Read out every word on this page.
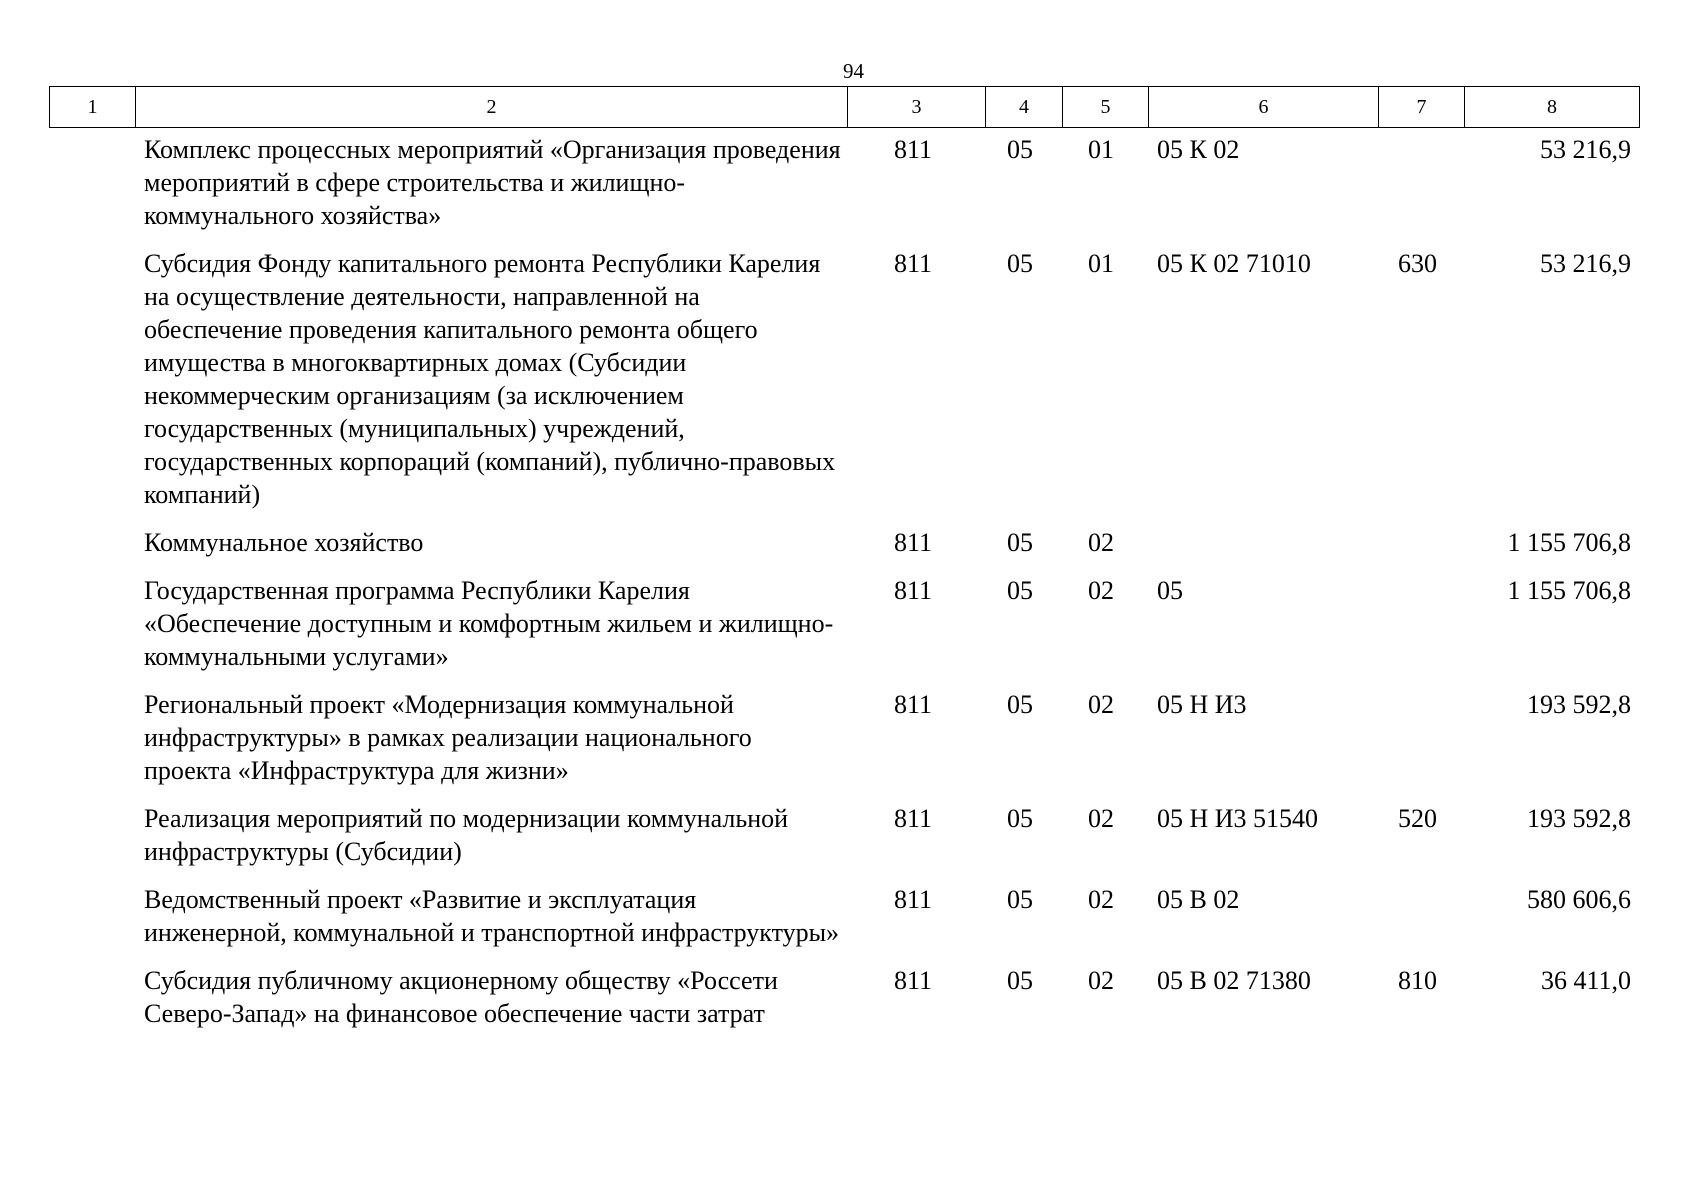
94
1	2	3	4	5	6	7	8
Комплекс процессных мероприятий «Организация проведения мероприятий в сфере строительства и жилищно-коммунального хозяйства»	811	05	01	05 К 02		53 216,9
Субсидия Фонду капитального ремонта Республики Карелия на осуществление деятельности, направленной на обеспечение проведения капитального ремонта общего имущества в многоквартирных домах (Субсидии некоммерческим организациям (за исключением государственных (муниципальных) учреждений, государственных корпораций (компаний), публично-правовых компаний)	811	05	01	05 К 02 71010	630	53 216,9
Коммунальное хозяйство	811	05	02			1 155 706,8
Государственная программа Республики Карелия «Обеспечение доступным и комфортным жильем и жилищно-коммунальными услугами»	811	05	02	05		1 155 706,8
Региональный проект «Модернизация коммунальной инфраструктуры» в рамках реализации национального проекта «Инфраструктура для жизни»	811	05	02	05 Н И3		193 592,8
Реализация мероприятий по модернизации коммунальной инфраструктуры (Субсидии)	811	05	02	05 Н И3 51540	520	193 592,8
Ведомственный проект «Развитие и эксплуатация инженерной, коммунальной и транспортной инфраструктуры»	811	05	02	05 В 02		580 606,6
Субсидия публичному акционерному обществу «Россети Северо-Запад» на финансовое обеспечение части затрат	811	05	02	05 В 02 71380	810	36 411,0
